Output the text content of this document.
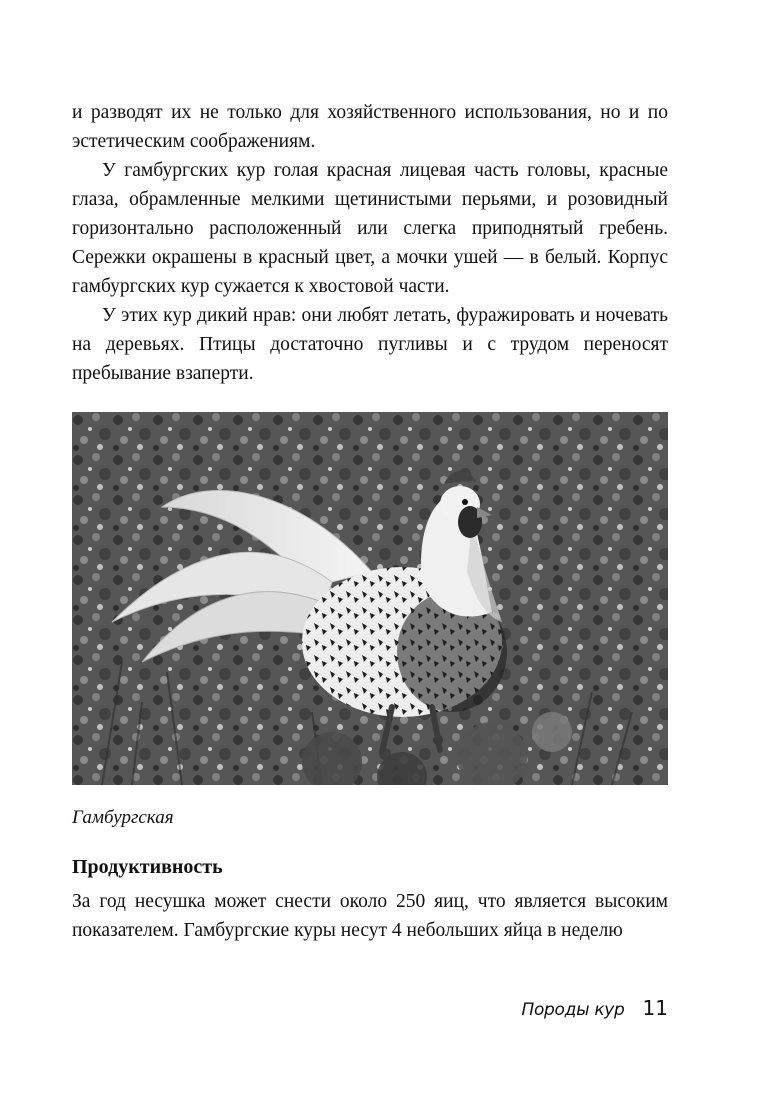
и разводят их не только для хозяйственного использования, но и по эстетическим соображениям.

У гамбургских кур голая красная лицевая часть головы, красные глаза, обрамленные мелкими щетинистыми перьями, и розовидный горизонтально расположенный или слегка приподнятый гребень. Сережки окрашены в красный цвет, а мочки ушей — в белый. Корпус гамбургских кур сужается к хвостовой части.

У этих кур дикий нрав: они любят летать, фуражировать и ночевать на деревьях. Птицы достаточно пугливы и с трудом переносят пребывание взаперти.

Гамбургская

Продуктивность

За год несушка может снести около 250 яиц, что является высоким показателем. Гамбургские куры несут 4 небольших яйца в неделю

Породы кур 11
